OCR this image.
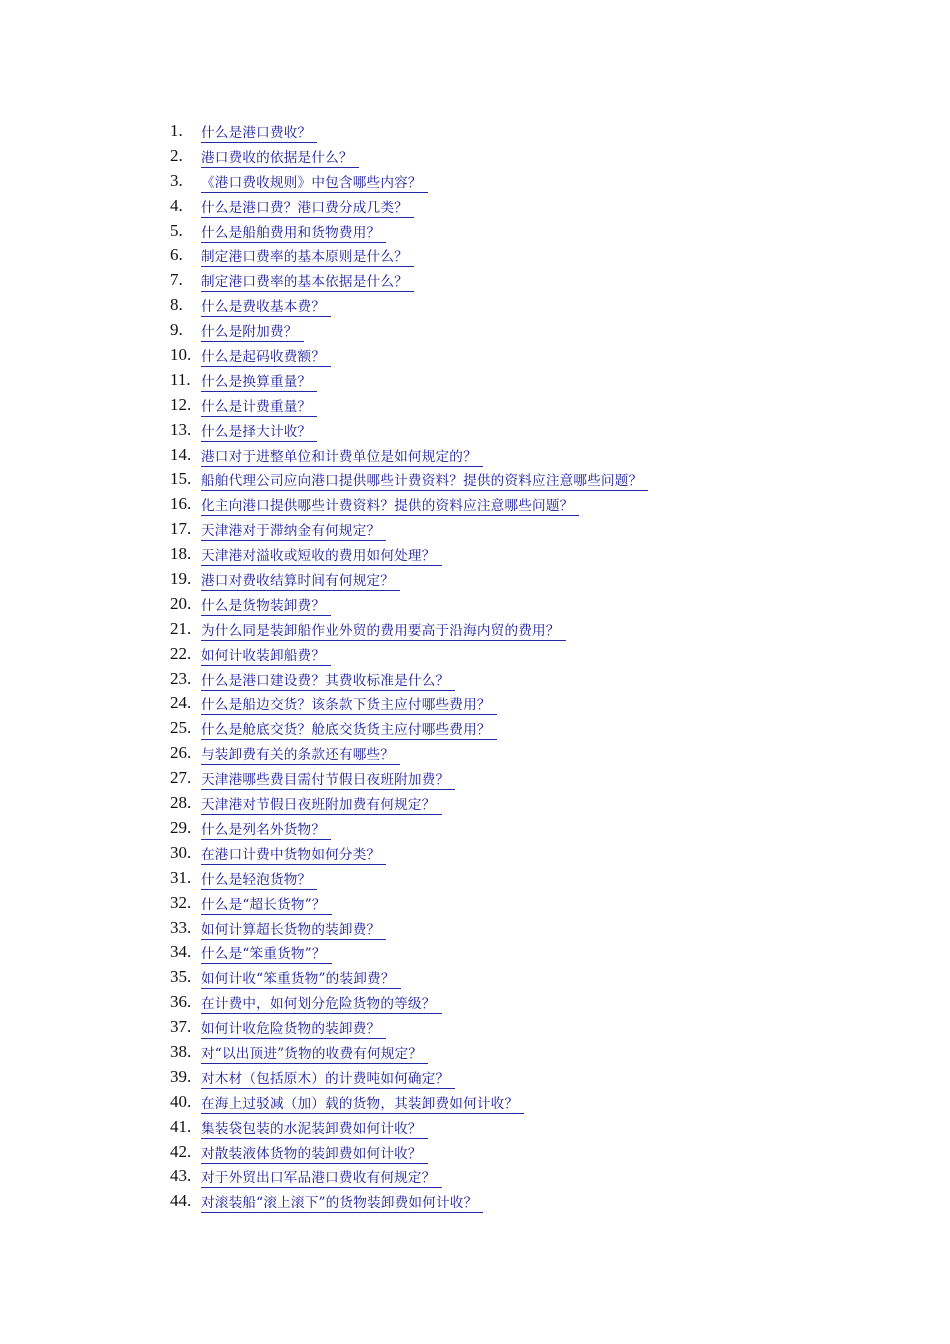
1.	什么是港口费收？
2.	港口费收的依据是什么？
3.	《港口费收规则》中包含哪些内容？
4.	什么是港口费？港口费分成几类？
5.	什么是船舶费用和货物费用？
6.	制定港口费率的基本原则是什么？
7.	制定港口费率的基本依据是什么？
8.	什么是费收基本费？
9.	什么是附加费？
10. 什么是起码收费额？
11. 什么是换算重量？
12. 什么是计费重量？
13. 什么是择大计收？
14. 港口对于进整单位和计费单位是如何规定的？
15. 船舶代理公司应向港口提供哪些计费资料？提供的资料应注意哪些问题？
16. 化主向港口提供哪些计费资料？提供的资料应注意哪些问题？
17. 天津港对于滞纳金有何规定？
18. 天津港对溢收或短收的费用如何处理？
19. 港口对费收结算时间有何规定？
20. 什么是货物装卸费？
21. 为什么同是装卸船作业外贸的费用要高于沿海内贸的费用？
22. 如何计收装卸船费？
23. 什么是港口建设费？其费收标准是什么？
24. 什么是船边交货？该条款下货主应付哪些费用？
25. 什么是舱底交货？舱底交货货主应付哪些费用？
26. 与装卸费有关的条款还有哪些？
27. 天津港哪些费目需付节假日夜班附加费？
28. 天津港对节假日夜班附加费有何规定？
29. 什么是列名外货物？
30. 在港口计费中货物如何分类？
31. 什么是轻泡货物？
32. 什么是“超长货物”？
33. 如何计算超长货物的装卸费？
34. 什么是“笨重货物”？
35. 如何计收“笨重货物”的装卸费？
36. 在计费中，如何划分危险货物的等级？
37. 如何计收危险货物的装卸费？
38. 对“以出顶进”货物的收费有何规定？
39. 对木材（包括原木）的计费吨如何确定？
40. 在海上过驳减（加）载的货物，其装卸费如何计收？
41. 集装袋包装的水泥装卸费如何计收？
42. 对散装液体货物的装卸费如何计收？
43. 对于外贸出口军品港口费收有何规定？
44. 对滚装船“滚上滚下”的货物装卸费如何计收？
